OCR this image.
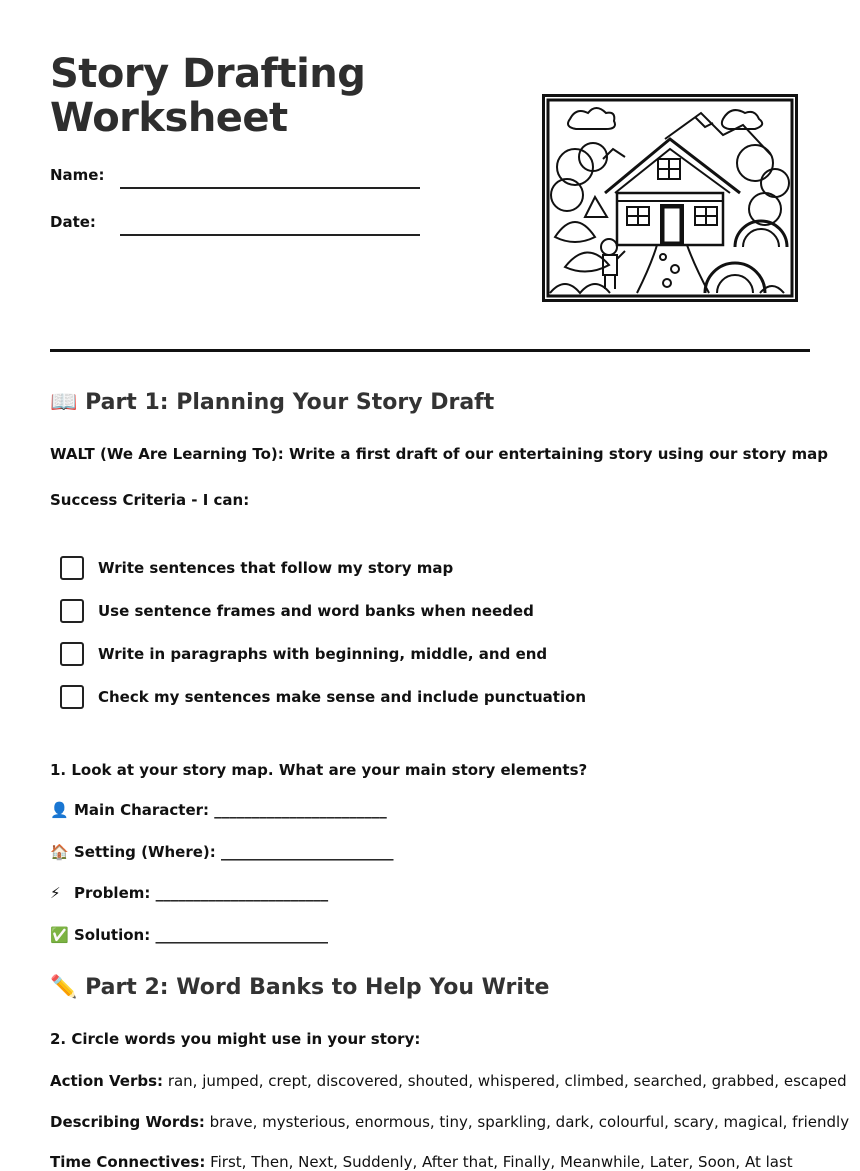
Story Drafting
Worksheet
Name:
Date:
📖 Part 1: Planning Your Story Draft
WALT (We Are Learning To): Write a first draft of our entertaining story using our story map
Success Criteria - I can:
Write sentences that follow my story map
Use sentence frames and word banks when needed
Write in paragraphs with beginning, middle, and end
Check my sentences make sense and include punctuation
1. Look at your story map. What are your main story elements?
👤 Main Character: _______________________
🏠 Setting (Where): _______________________
⚡ Problem: _______________________
✅ Solution: _______________________
✏️ Part 2: Word Banks to Help You Write
2. Circle words you might use in your story:
Action Verbs: ran, jumped, crept, discovered, shouted, whispered, climbed, searched, grabbed, escaped
Describing Words: brave, mysterious, enormous, tiny, sparkling, dark, colourful, scary, magical, friendly
Time Connectives: First, Then, Next, Suddenly, After that, Finally, Meanwhile, Later, Soon, At last
